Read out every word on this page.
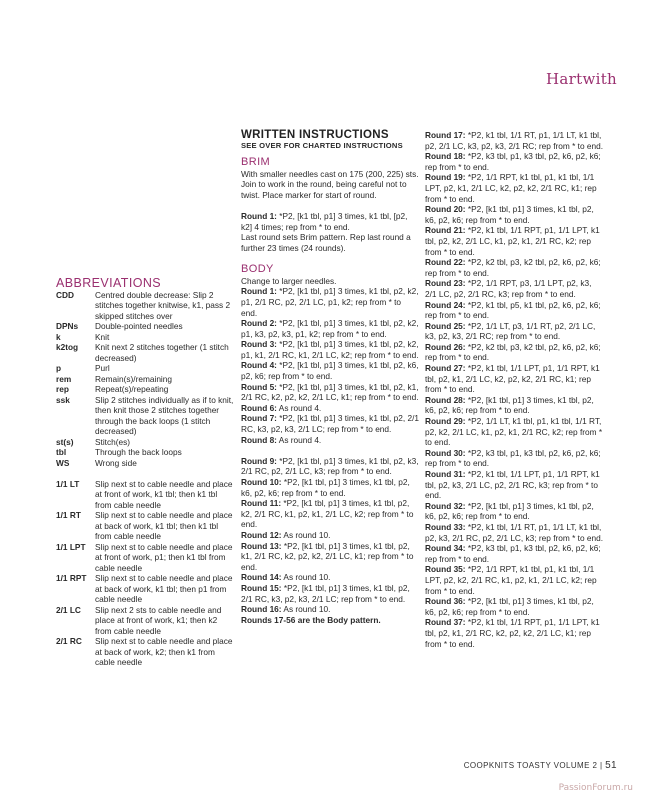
Hartwith
ABBREVIATIONS
CDD	Centred double decrease: Slip 2 stitches together knitwise, k1, pass 2 skipped stitches over
DPNs	Double-pointed needles
k	Knit
k2tog	Knit next 2 stitches together (1 stitch decreased)
p	Purl
rem	Remain(s)/remaining
rep	Repeat(s)/repeating
ssk	Slip 2 stitches individually as if to knit, then knit those 2 stitches together through the back loops (1 stitch decreased)
st(s)	Stitch(es)
tbl	Through the back loops
WS	Wrong side
1/1 LT	Slip next st to cable needle and place at front of work, k1 tbl; then k1 tbl from cable needle
1/1 RT	Slip next st to cable needle and place at back of work, k1 tbl; then k1 tbl from cable needle
1/1 LPT	Slip next st to cable needle and place at front of work, p1; then k1 tbl from cable needle
1/1 RPT	Slip next st to cable needle and place at back of work, k1 tbl; then p1 from cable needle
2/1 LC	Slip next 2 sts to cable needle and place at front of work, k1; then k2 from cable needle
2/1 RC	Slip next st to cable needle and place at back of work, k2; then k1 from cable needle
WRITTEN INSTRUCTIONS
SEE OVER FOR CHARTED INSTRUCTIONS
BRIM

With smaller needles cast on 175 (200, 225) sts. Join to work in the round, being careful not to twist. Place marker for start of round.

Round 1: *P2, [k1 tbl, p1] 3 times, k1 tbl, [p2, k2] 4 times; rep from * to end.

Last round sets Brim pattern. Rep last round a further 23 times (24 rounds).

BODY

Change to larger needles.

Round 1: *P2, [k1 tbl, p1] 3 times, k1 tbl, p2, k2, p1, 2/1 RC, p2, 2/1 LC, p1, k2; rep from * to end.

Round 2: *P2, [k1 tbl, p1] 3 times, k1 tbl, p2, k2, p1, k3, p2, k3, p1, k2; rep from * to end.

Round 3: *P2, [k1 tbl, p1] 3 times, k1 tbl, p2, k2, p1, k1, 2/1 RC, k1, 2/1 LC, k2; rep from * to end.

Round 4: *P2, [k1 tbl, p1] 3 times, k1 tbl, p2, k6, p2, k6; rep from * to end.

Round 5: *P2, [k1 tbl, p1] 3 times, k1 tbl, p2, k1, 2/1 RC, k2, p2, k2, 2/1 LC, k1; rep from * to end.

Round 6: As round 4.

Round 7: *P2, [k1 tbl, p1] 3 times, k1 tbl, p2, 2/1 RC, k3, p2, k3, 2/1 LC; rep from * to end.

Round 8: As round 4.

Round 9: *P2, [k1 tbl, p1] 3 times, k1 tbl, p2, k3, 2/1 RC, p2, 2/1 LC, k3; rep from * to end.

Round 10: *P2, [k1 tbl, p1] 3 times, k1 tbl, p2, k6, p2, k6; rep from * to end.

Round 11: *P2, [k1 tbl, p1] 3 times, k1 tbl, p2, k2, 2/1 RC, k1, p2, k1, 2/1 LC, k2; rep from * to end.

Round 12: As round 10.

Round 13: *P2, [k1 tbl, p1] 3 times, k1 tbl, p2, k1, 2/1 RC, k2, p2, k2, 2/1 LC, k1; rep from * to end.

Round 14: As round 10.

Round 15: *P2, [k1 tbl, p1] 3 times, k1 tbl, p2, 2/1 RC, k3, p2, k3, 2/1 LC; rep from * to end.

Round 16: As round 10.

Rounds 17-56 are the Body pattern.

Round 17: *P2, k1 tbl, 1/1 RT, p1, 1/1 LT, k1 tbl, p2, 2/1 LC, k3, p2, k3, 2/1 RC; rep from * to end.

Round 18: *P2, k3 tbl, p1, k3 tbl, p2, k6, p2, k6; rep from * to end.

Round 19: *P2, 1/1 RPT, k1 tbl, p1, k1 tbl, 1/1 LPT, p2, k1, 2/1 LC, k2, p2, k2, 2/1 RC, k1; rep from * to end.

Round 20: *P2, [k1 tbl, p1] 3 times, k1 tbl, p2, k6, p2, k6; rep from * to end.

Round 21: *P2, k1 tbl, 1/1 RPT, p1, 1/1 LPT, k1 tbl, p2, k2, 2/1 LC, k1, p2, k1, 2/1 RC, k2; rep from * to end.

Round 22: *P2, k2 tbl, p3, k2 tbl, p2, k6, p2, k6; rep from * to end.

Round 23: *P2, 1/1 RPT, p3, 1/1 LPT, p2, k3, 2/1 LC, p2, 2/1 RC, k3; rep from * to end.

Round 24: *P2, k1 tbl, p5, k1 tbl, p2, k6, p2, k6; rep from * to end.

Round 25: *P2, 1/1 LT, p3, 1/1 RT, p2, 2/1 LC, k3, p2, k3, 2/1 RC; rep from * to end.

Round 26: *P2, k2 tbl, p3, k2 tbl, p2, k6, p2, k6; rep from * to end.

Round 27: *P2, k1 tbl, 1/1 LPT, p1, 1/1 RPT, k1 tbl, p2, k1, 2/1 LC, k2, p2, k2, 2/1 RC, k1; rep from * to end.

Round 28: *P2, [k1 tbl, p1] 3 times, k1 tbl, p2, k6, p2, k6; rep from * to end.

Round 29: *P2, 1/1 LT, k1 tbl, p1, k1 tbl, 1/1 RT, p2, k2, 2/1 LC, k1, p2, k1, 2/1 RC, k2; rep from * to end.

Round 30: *P2, k3 tbl, p1, k3 tbl, p2, k6, p2, k6; rep from * to end.

Round 31: *P2, k1 tbl, 1/1 LPT, p1, 1/1 RPT, k1 tbl, p2, k3, 2/1 LC, p2, 2/1 RC, k3; rep from * to end.

Round 32: *P2, [k1 tbl, p1] 3 times, k1 tbl, p2, k6, p2, k6; rep from * to end.

Round 33: *P2, k1 tbl, 1/1 RT, p1, 1/1 LT, k1 tbl, p2, k3, 2/1 RC, p2, 2/1 LC, k3; rep from * to end.

Round 34: *P2, k3 tbl, p1, k3 tbl, p2, k6, p2, k6; rep from * to end.

Round 35: *P2, 1/1 RPT, k1 tbl, p1, k1 tbl, 1/1 LPT, p2, k2, 2/1 RC, k1, p2, k1, 2/1 LC, k2; rep from * to end.

Round 36: *P2, [k1 tbl, p1] 3 times, k1 tbl, p2, k6, p2, k6; rep from * to end.

Round 37: *P2, k1 tbl, 1/1 RPT, p1, 1/1 LPT, k1 tbl, p2, k1, 2/1 RC, k2, p2, k2, 2/1 LC, k1; rep from * to end.

COOPKNITS TOASTY VOLUME 2 | 51
PassionForum.ru
